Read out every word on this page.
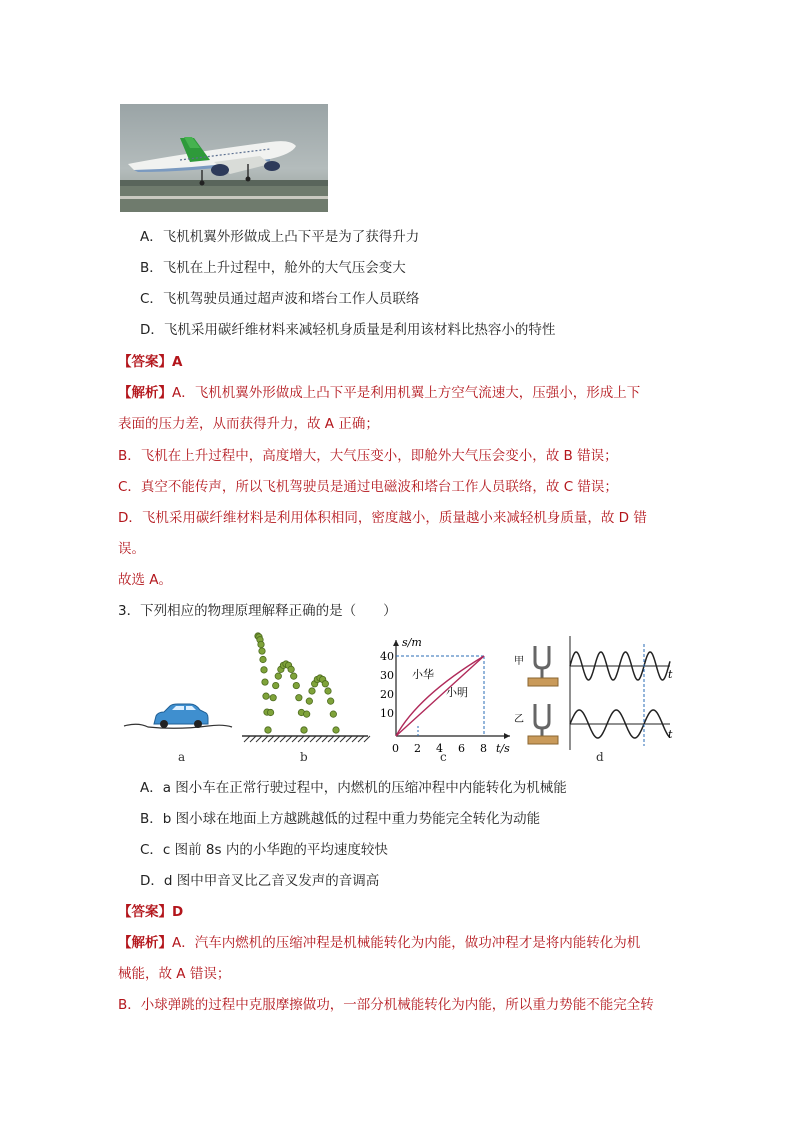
A．飞机机翼外形做成上凸下平是为了获得升力
B．飞机在上升过程中，舱外的大气压会变大
C．飞机驾驶员通过超声波和塔台工作人员联络
D．飞机采用碳纤维材料来减轻机身质量是利用该材料比热容小的特性
【答案】A
【解析】A．飞机机翼外形做成上凸下平是利用机翼上方空气流速大，压强小，形成上下
表面的压力差，从而获得升力，故 A 正确；
B．飞机在上升过程中，高度增大，大气压变小，即舱外大气压会变小，故 B 错误；
C．真空不能传声，所以飞机驾驶员是通过电磁波和塔台工作人员联络，故 C 错误；
D．飞机采用碳纤维材料是利用体积相同，密度越小，质量越小来减轻机身质量，故 D 错
误。
故选 A。
3．下列相应的物理原理解释正确的是（　　）
s/m
t/s
40
30
20
10
0 2 4 6 8
小华
小明
甲
乙
t
t
a	b	c	d
A．a 图小车在正常行驶过程中，内燃机的压缩冲程中内能转化为机械能
B．b 图小球在地面上方越跳越低的过程中重力势能完全转化为动能
C．c 图前 8s 内的小华跑的平均速度较快
D．d 图中甲音叉比乙音叉发声的音调高
【答案】D
【解析】A．汽车内燃机的压缩冲程是机械能转化为内能，做功冲程才是将内能转化为机
械能，故 A 错误；
B．小球弹跳的过程中克服摩擦做功，一部分机械能转化为内能，所以重力势能不能完全转
